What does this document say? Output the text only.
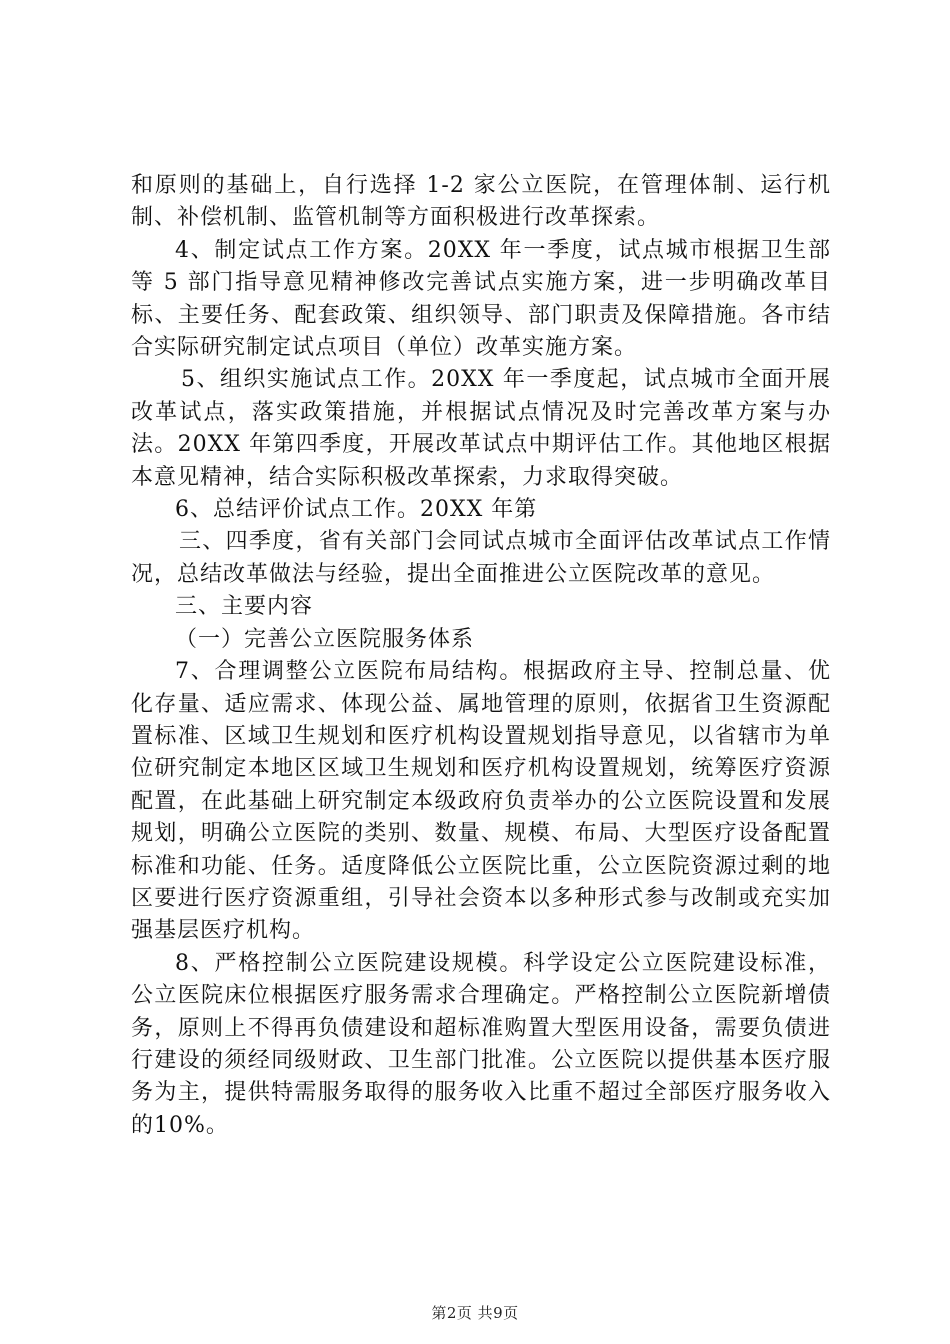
和原则的基础上，自行选择 1-2 家公立医院，在管理体制、运行机制、补偿机制、监管机制等方面积极进行改革探索。

4、制定试点工作方案。20XX 年一季度，试点城市根据卫生部等 5 部门指导意见精神修改完善试点实施方案，进一步明确改革目标、主要任务、配套政策、组织领导、部门职责及保障措施。各市结合实际研究制定试点项目（单位）改革实施方案。

5、组织实施试点工作。20XX 年一季度起，试点城市全面开展改革试点，落实政策措施，并根据试点情况及时完善改革方案与办法。20XX 年第四季度，开展改革试点中期评估工作。其他地区根据本意见精神，结合实际积极改革探索，力求取得突破。

6、总结评价试点工作。20XX 年第

三、四季度，省有关部门会同试点城市全面评估改革试点工作情况，总结改革做法与经验，提出全面推进公立医院改革的意见。

三、主要内容

（一）完善公立医院服务体系

7、合理调整公立医院布局结构。根据政府主导、控制总量、优化存量、适应需求、体现公益、属地管理的原则，依据省卫生资源配置标准、区域卫生规划和医疗机构设置规划指导意见，以省辖市为单位研究制定本地区区域卫生规划和医疗机构设置规划，统筹医疗资源配置，在此基础上研究制定本级政府负责举办的公立医院设置和发展规划，明确公立医院的类别、数量、规模、布局、大型医疗设备配置标准和功能、任务。适度降低公立医院比重，公立医院资源过剩的地区要进行医疗资源重组，引导社会资本以多种形式参与改制或充实加强基层医疗机构。

8、严格控制公立医院建设规模。科学设定公立医院建设标准，公立医院床位根据医疗服务需求合理确定。严格控制公立医院新增债务，原则上不得再负债建设和超标准购置大型医用设备，需要负债进行建设的须经同级财政、卫生部门批准。公立医院以提供基本医疗服务为主，提供特需服务取得的服务收入比重不超过全部医疗服务收入的10%。

第2页 共9页
